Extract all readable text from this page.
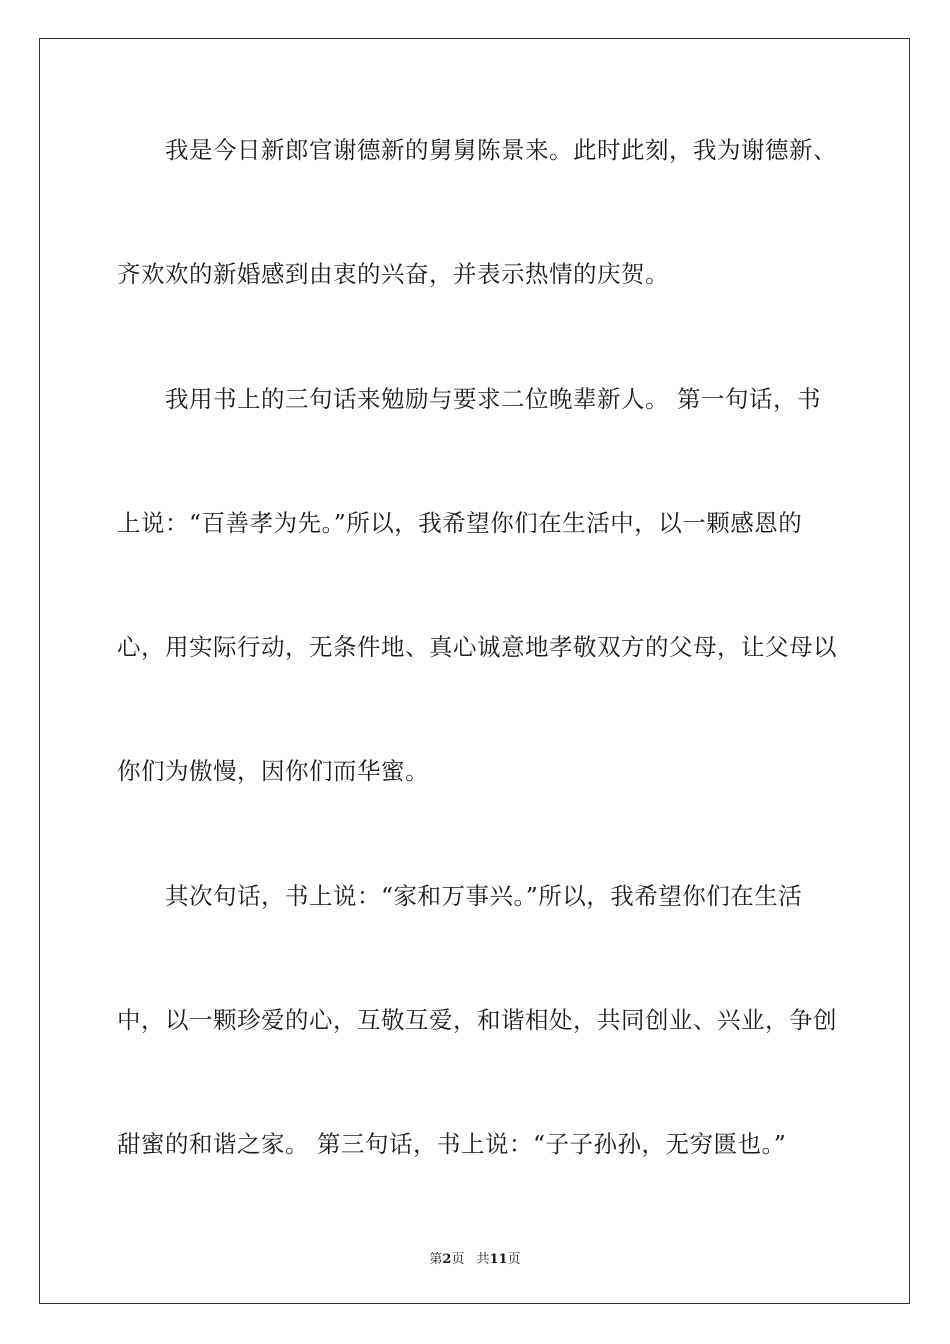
我是今日新郎官谢德新的舅舅陈景来。此时此刻，我为谢德新、
齐欢欢的新婚感到由衷的兴奋，并表示热情的庆贺。
我用书上的三句话来勉励与要求二位晚辈新人。 第一句话，书
上说：“百善孝为先。”所以，我希望你们在生活中，以一颗感恩的
心，用实际行动，无条件地、真心诚意地孝敬双方的父母，让父母以
你们为傲慢，因你们而华蜜。
其次句话，书上说：“家和万事兴。”所以，我希望你们在生活
中，以一颗珍爱的心，互敬互爱，和谐相处，共同创业、兴业，争创
甜蜜的和谐之家。 第三句话，书上说：“子子孙孙，无穷匮也。”
第2页 共11页
